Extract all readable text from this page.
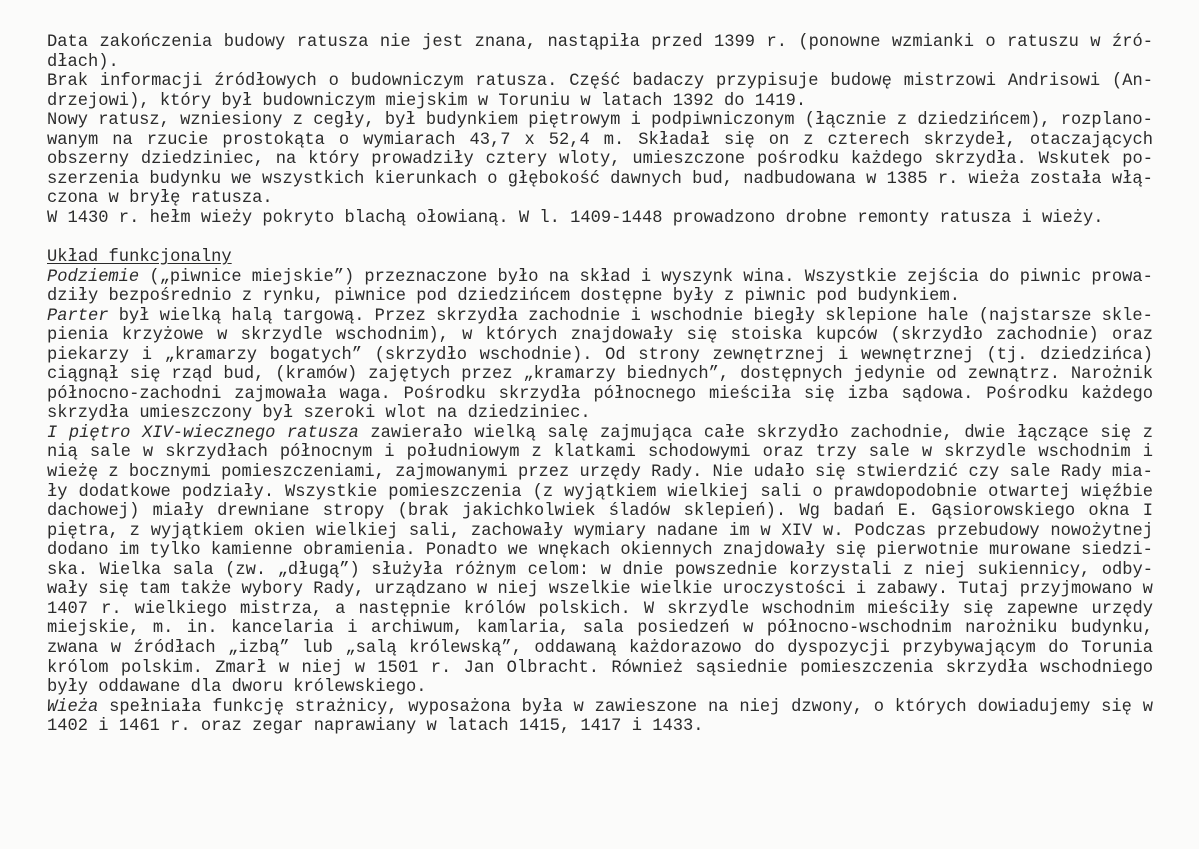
Data zakończenia budowy ratusza nie jest znana, nastąpiła przed 1399 r. (ponowne wzmianki o ratuszu w źró-
dłach).
Brak informacji źródłowych o budowniczym ratusza. Część badaczy przypisuje budowę mistrzowi Andrisowi (An-
drzejowi), który był budowniczym miejskim w Toruniu w latach 1392 do 1419.
Nowy ratusz, wzniesiony z cegły, był budynkiem piętrowym i podpiwniczonym (łącznie z dziedzińcem), rozplano-
wanym na rzucie prostokąta o wymiarach 43,7 x 52,4 m. Składał się on z czterech skrzydeł, otaczających
obszerny dziedziniec, na który prowadziły cztery wloty, umieszczone pośrodku każdego skrzydła. Wskutek po-
szerzenia budynku we wszystkich kierunkach o głębokość dawnych bud, nadbudowana w 1385 r. wieża została włą-
czona w bryłę ratusza.
W 1430 r. hełm wieży pokryto blachą ołowianą. W l. 1409-1448 prowadzono drobne remonty ratusza i wieży.
Układ funkcjonalny
Podziemie („piwnice miejskie”) przeznaczone było na skład i wyszynk wina. Wszystkie zejścia do piwnic prowa-
dziły bezpośrednio z rynku, piwnice pod dziedzińcem dostępne były z piwnic pod budynkiem.
Parter był wielką halą targową. Przez skrzydła zachodnie i wschodnie biegły sklepione hale (najstarsze skle-
pienia krzyżowe w skrzydle wschodnim), w których znajdowały się stoiska kupców (skrzydło zachodnie) oraz
piekarzy i „kramarzy bogatych” (skrzydło wschodnie). Od strony zewnętrznej i wewnętrznej (tj. dziedzińca)
ciągnął się rząd bud, (kramów) zajętych przez „kramarzy biednych”, dostępnych jedynie od zewnątrz. Narożnik
północno-zachodni zajmowała waga. Pośrodku skrzydła północnego mieściła się izba sądowa. Pośrodku każdego
skrzydła umieszczony był szeroki wlot na dziedziniec.
I piętro XIV-wiecznego ratusza zawierało wielką salę zajmująca całe skrzydło zachodnie, dwie łączące się z
nią sale w skrzydłach północnym i południowym z klatkami schodowymi oraz trzy sale w skrzydle wschodnim i
wieżę z bocznymi pomieszczeniami, zajmowanymi przez urzędy Rady. Nie udało się stwierdzić czy sale Rady mia-
ły dodatkowe podziały. Wszystkie pomieszczenia (z wyjątkiem wielkiej sali o prawdopodobnie otwartej więźbie
dachowej) miały drewniane stropy (brak jakichkolwiek śladów sklepień). Wg badań E. Gąsiorowskiego okna I
piętra, z wyjątkiem okien wielkiej sali, zachowały wymiary nadane im w XIV w. Podczas przebudowy nowożytnej
dodano im tylko kamienne obramienia. Ponadto we wnękach okiennych znajdowały się pierwotnie murowane siedzi-
ska. Wielka sala (zw. „długą”) służyła różnym celom: w dnie powszednie korzystali z niej sukiennicy, odby-
wały się tam także wybory Rady, urządzano w niej wszelkie wielkie uroczystości i zabawy. Tutaj przyjmowano w
1407 r. wielkiego mistrza, a następnie królów polskich. W skrzydle wschodnim mieściły się zapewne urzędy
miejskie, m. in. kancelaria i archiwum, kamlaria, sala posiedzeń w północno-wschodnim narożniku budynku,
zwana w źródłach „izbą” lub „salą królewską”, oddawaną każdorazowo do dyspozycji przybywającym do Torunia
królom polskim. Zmarł w niej w 1501 r. Jan Olbracht. Również sąsiednie pomieszczenia skrzydła wschodniego
były oddawane dla dworu królewskiego.
Wieża spełniała funkcję strażnicy, wyposażona była w zawieszone na niej dzwony, o których dowiadujemy się w
1402 i 1461 r. oraz zegar naprawiany w latach 1415, 1417 i 1433.
